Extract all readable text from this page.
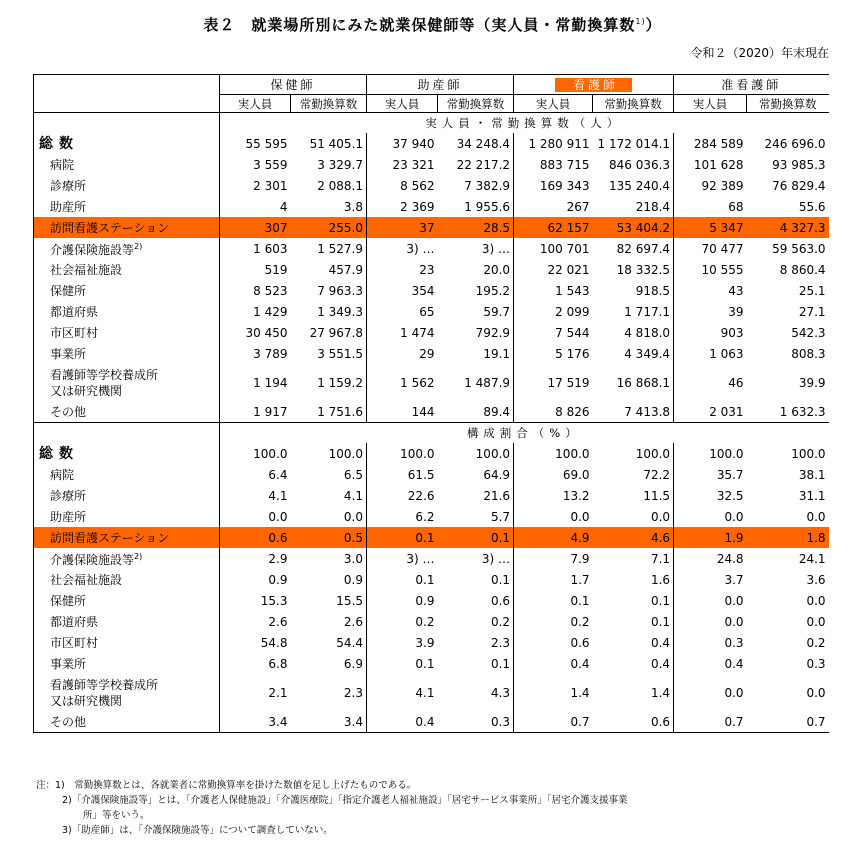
表２　就業場所別にみた就業保健師等（実人員・常勤換算数$^{1)}$）
令和２（2020）年末現在
	保健師		助産師		看護師		准看護師	
	実人員	常勤換算数	実人員	常勤換算数	実人員	常勤換算数	実人員	常勤換算数
	実人員・常勤換算数（人）							
総数	55 595	51 405.1	37 940	34 248.4	1 280 911	1 172 014.1	284 589	246 696.0
病院	3 559	3 329.7	23 321	22 217.2	883 715	846 036.3	101 628	93 985.3
診療所	2 301	2 088.1	8 562	7 382.9	169 343	135 240.4	92 389	76 829.4
助産所	4	3.8	2 369	1 955.6	267	218.4	68	55.6
訪問看護ステーション	307	255.0	37	28.5	62 157	53 404.2	5 347	4 327.3
介護保険施設等$^{2)}$	1 603	1 527.9	3) …	3) …	100 701	82 697.4	70 477	59 563.0
社会福祉施設	519	457.9	23	20.0	22 021	18 332.5	10 555	8 860.4
保健所	8 523	7 963.3	354	195.2	1 543	918.5	43	25.1
都道府県	1 429	1 349.3	65	59.7	2 099	1 717.1	39	27.1
市区町村	30 450	27 967.8	1 474	792.9	7 544	4 818.0	903	542.3
事業所	3 789	3 551.5	29	19.1	5 176	4 349.4	1 063	808.3

看護師等学校養成所
又は研究機関	1 194	1 159.2	1 562	1 487.9	17 519	16 868.1	46	39.9
その他	1 917	1 751.6	144	89.4	8 826	7 413.8	2 031	1 632.3
	構成割合（%）							
総数	100.0	100.0	100.0	100.0	100.0	100.0	100.0	100.0
病院	6.4	6.5	61.5	64.9	69.0	72.2	35.7	38.1
診療所	4.1	4.1	22.6	21.6	13.2	11.5	32.5	31.1
助産所	0.0	0.0	6.2	5.7	0.0	0.0	0.0	0.0
訪問看護ステーション	0.6	0.5	0.1	0.1	4.9	4.6	1.9	1.8
介護保険施設等$^{2)}$	2.9	3.0	3) …	3) …	7.9	7.1	24.8	24.1
社会福祉施設	0.9	0.9	0.1	0.1	1.7	1.6	3.7	3.6
保健所	15.3	15.5	0.9	0.6	0.1	0.1	0.0	0.0
都道府県	2.6	2.6	0.2	0.2	0.2	0.1	0.0	0.0
市区町村	54.8	54.4	3.9	2.3	0.6	0.4	0.3	0.2
事業所	6.8	6.9	0.1	0.1	0.4	0.4	0.4	0.3

看護師等学校養成所
又は研究機関	2.1	2.3	4.1	4.3	1.4	1.4	0.0	0.0
その他	3.4	3.4	0.4	0.3	0.7	0.6	0.7	0.7
注：1)　常勤換算数とは、各就業者に常勤換算率を掛けた数値を足し上げたものである。
2)「介護保険施設等」とは、「介護老人保健施設」「介護医療院」「指定介護老人福祉施設」「居宅サービス事業所」「居宅介護支援事業
所」等をいう。
3)「助産師」は、「介護保険施設等」について調査していない。
